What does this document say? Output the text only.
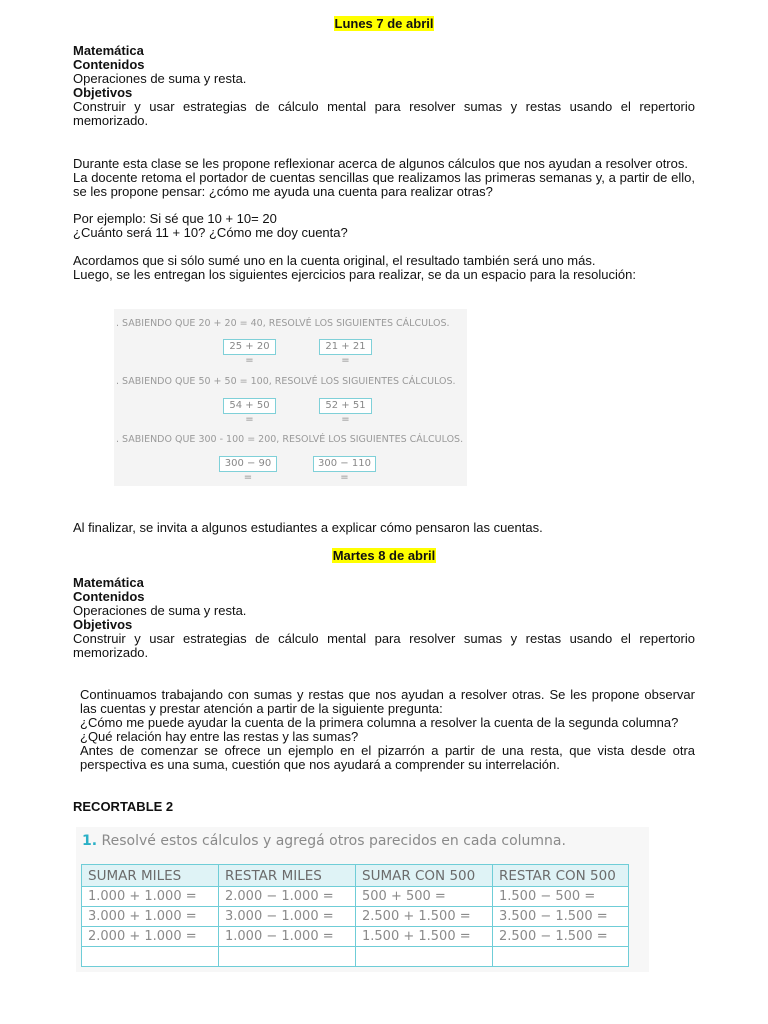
Lunes 7 de abril

Matemática

Contenidos

Operaciones de suma y resta.

Objetivos

Construir y usar estrategias de cálculo mental para resolver sumas y restas usando el repertorio memorizado.

Durante esta clase se les propone reflexionar acerca de algunos cálculos que nos ayudan a resolver otros.

La docente retoma el portador de cuentas sencillas que realizamos las primeras semanas y, a partir de ello, se les propone pensar: ¿cómo me ayuda una cuenta para realizar otras?

Por ejemplo: Si sé que 10 + 10= 20

¿Cuánto será 11 + 10? ¿Cómo me doy cuenta?

Acordamos que si sólo sumé uno en la cuenta original, el resultado también será uno más.

Luego, se les entregan los siguientes ejercicios para realizar, se da un espacio para la resolución:

Al finalizar, se invita a algunos estudiantes a explicar cómo pensaron las cuentas.

Martes 8 de abril

Matemática

Contenidos

Operaciones de suma y resta.

Objetivos

Construir y usar estrategias de cálculo mental para resolver sumas y restas usando el repertorio memorizado.

Continuamos trabajando con sumas y restas que nos ayudan a resolver otras. Se les propone observar las cuentas y prestar atención a partir de la siguiente pregunta:

¿Cómo me puede ayudar la cuenta de la primera columna a resolver la cuenta de la segunda columna?

¿Qué relación hay entre las restas y las sumas?

Antes de comenzar se ofrece un ejemplo en el pizarrón a partir de una resta, que vista desde otra perspectiva es una suma, cuestión que nos ayudará a comprender su interrelación.

RECORTABLE 2

. SABIENDO QUE 20 + 20 = 40, RESOLVÉ LOS SIGUIENTES CÁLCULOS.
25 + 20 =
21 + 21 =
. SABIENDO QUE 50 + 50 = 100, RESOLVÉ LOS SIGUIENTES CÁLCULOS.
54 + 50 =
52 + 51 =
. SABIENDO QUE 300 - 100 = 200, RESOLVÉ LOS SIGUIENTES CÁLCULOS.
300 − 90 =
300 − 110 =
1. Resolvé estos cálculos y agregá otros parecidos en cada columna.
SUMAR MILES	RESTAR MILES	SUMAR CON 500	RESTAR CON 500
1.000 + 1.000 =	2.000 − 1.000 =	500 + 500 =	1.500 − 500 =
3.000 + 1.000 =	3.000 − 1.000 =	2.500 + 1.500 =	3.500 − 1.500 =
2.000 + 1.000 =	1.000 − 1.000 =	1.500 + 1.500 =	2.500 − 1.500 =
